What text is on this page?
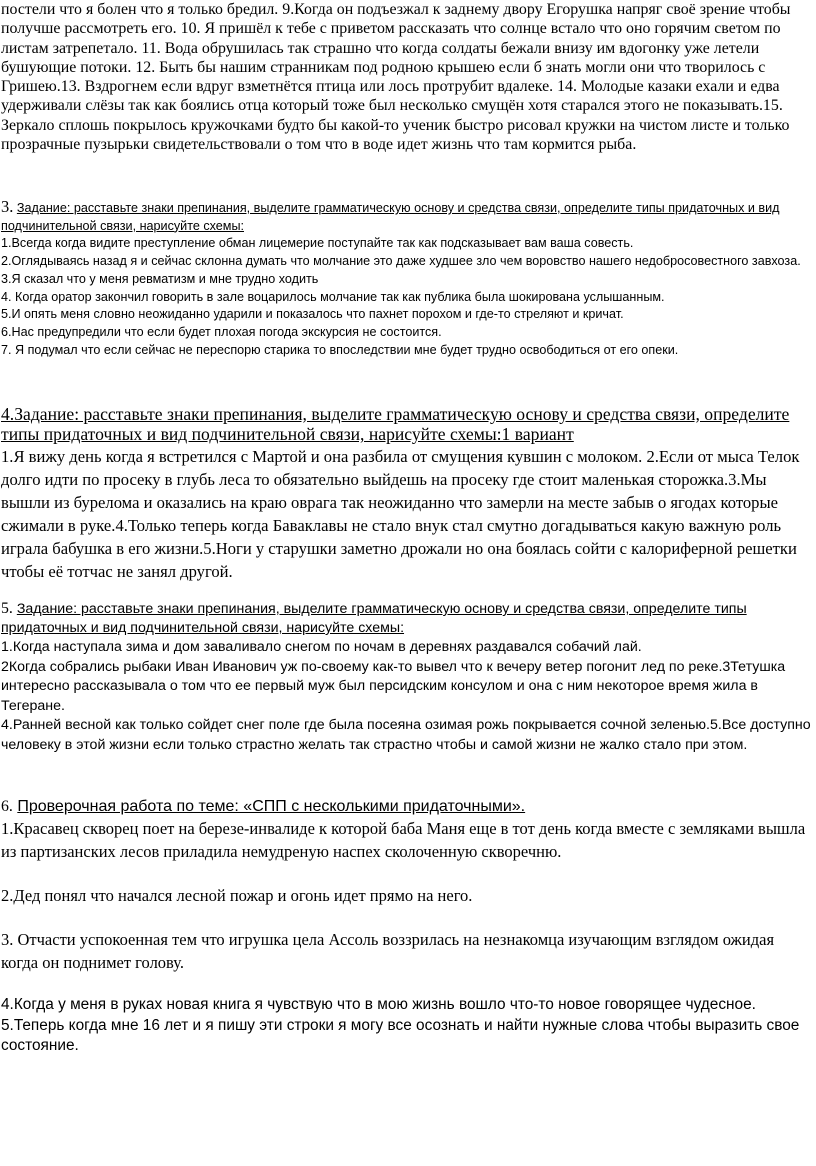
постели что я болен что я только бредил. 9.Когда он подъезжал к заднему двору Егорушка напряг своё зрение чтобы получше рассмотреть его. 10. Я пришёл к тебе с приветом рассказать что солнце встало что оно горячим светом по листам затрепетало. 11. Вода обрушилась так страшно что когда солдаты бежали внизу им вдогонку уже летели бушующие потоки. 12. Быть бы нашим странникам под родною крышею если б знать могли они что творилось с Гришею.13. Вздрогнем если вдруг взметнётся птица или лось протрубит вдалеке. 14. Молодые казаки ехали и едва удерживали слёзы так как боялись отца который тоже был несколько смущён хотя старался этого не показывать.15. Зеркало сплошь покрылось кружочками будто бы какой-то ученик быстро рисовал кружки на чистом листе и только прозрачные пузырьки свидетельствовали о том что в воде идет жизнь что там кормится рыба.

3. Задание: расставьте знаки препинания, выделите грамматическую основу и средства связи, определите типы придаточных и вид подчинительной связи, нарисуйте схемы:

1.Всегда когда видите преступление обман лицемерие поступайте так как подсказывает вам ваша совесть.

2.Оглядываясь назад я и сейчас склонна думать что молчание это даже худшее зло чем воровство нашего недобросовестного завхоза.

3.Я сказал что у меня ревматизм и мне трудно ходить

4. Когда оратор закончил говорить в зале воцарилось молчание так как публика была шокирована услышанным.

5.И опять меня словно неожиданно ударили и показалось что пахнет порохом и где-то стреляют и кричат.

6.Нас предупредили что если будет плохая погода экскурсия не состоится.

7. Я подумал что если сейчас не переспорю старика то впоследствии мне будет трудно освободиться от его опеки.

4.Задание: расставьте знаки препинания, выделите грамматическую основу и средства связи, определите типы придаточных и вид подчинительной связи, нарисуйте схемы:1 вариант

1.Я вижу день когда я встретился с Мартой и она разбила от смущения кувшин с молоком. 2.Если от мыса Телок долго идти по просеку в глубь леса то обязательно выйдешь на просеку где стоит маленькая сторожка.3.Мы вышли из бурелома и оказались на краю оврага так неожиданно что замерли на месте забыв о ягодах которые сжимали в руке.4.Только теперь когда Бавaклавы не стало внук стал смутно догадываться какую важную роль играла бабушка в его жизни.5.Ноги у старушки заметно дрожали но она боялась сойти с калориферной решетки чтобы её тотчас не занял другой.

5. Задание: расставьте знаки препинания, выделите грамматическую основу и средства связи, определите типы придаточных и вид подчинительной связи, нарисуйте схемы:

1.Когда наступала зима и дом заваливало снегом по ночам в деревнях раздавался собачий лай.

2Когда собрались рыбаки Иван Иванович уж по-своему как-то вывел что к вечеру ветер погонит лед по реке.3Тетушка интересно рассказывала о том что ее первый муж был персидским консулом и она с ним некоторое время жила в Тегеране.

4.Ранней весной как только сойдет снег поле где была посеяна озимая рожь покрывается сочной зеленью.5.Все доступно человеку в этой жизни если только страстно желать так страстно чтобы и самой жизни не жалко стало при этом.

6. Проверочная работа по теме: «СПП с несколькими придаточными».

1.Красавец скворец поет на березе-инвалиде к которой баба Маня еще в тот день когда вместе с земляками вышла из партизанских лесов приладила немудреную наспех сколоченную скворечню.

2.Дед понял что начался лесной пожар и огонь идет прямо на него.

3. Отчасти успокоенная тем что игрушка цела Ассоль воззрилась на незнакомца изучающим взглядом ожидая когда он поднимет голову.

4.Когда у меня в руках новая книга я чувствую что в мою жизнь вошло что-то новое говорящее чудесное.

5.Теперь когда мне 16 лет и я пишу эти строки я могу все осознать и найти нужные слова чтобы выразить свое состояние.
